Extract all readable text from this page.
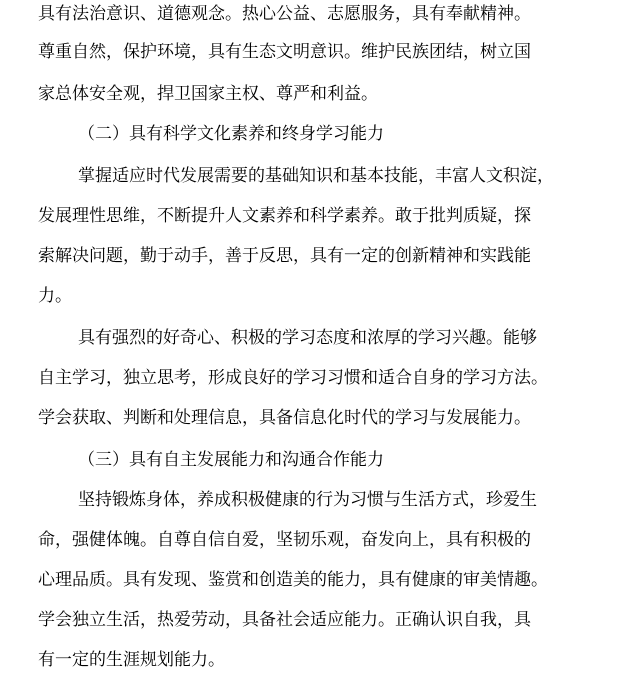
具有法治意识、道德观念。热心公益、志愿服务，具有奉献精神。
尊重自然，保护环境，具有生态文明意识。维护民族团结，树立国
家总体安全观，捍卫国家主权、尊严和利益。
（二）具有科学文化素养和终身学习能力
掌握适应时代发展需要的基础知识和基本技能，丰富人文积淀，
发展理性思维，不断提升人文素养和科学素养。敢于批判质疑，探
索解决问题，勤于动手，善于反思，具有一定的创新精神和实践能
力。
具有强烈的好奇心、积极的学习态度和浓厚的学习兴趣。能够
自主学习，独立思考，形成良好的学习习惯和适合自身的学习方法。
学会获取、判断和处理信息，具备信息化时代的学习与发展能力。
（三）具有自主发展能力和沟通合作能力
坚持锻炼身体，养成积极健康的行为习惯与生活方式，珍爱生
命，强健体魄。自尊自信自爱，坚韧乐观，奋发向上，具有积极的
心理品质。具有发现、鉴赏和创造美的能力，具有健康的审美情趣。
学会独立生活，热爱劳动，具备社会适应能力。正确认识自我，具
有一定的生涯规划能力。
